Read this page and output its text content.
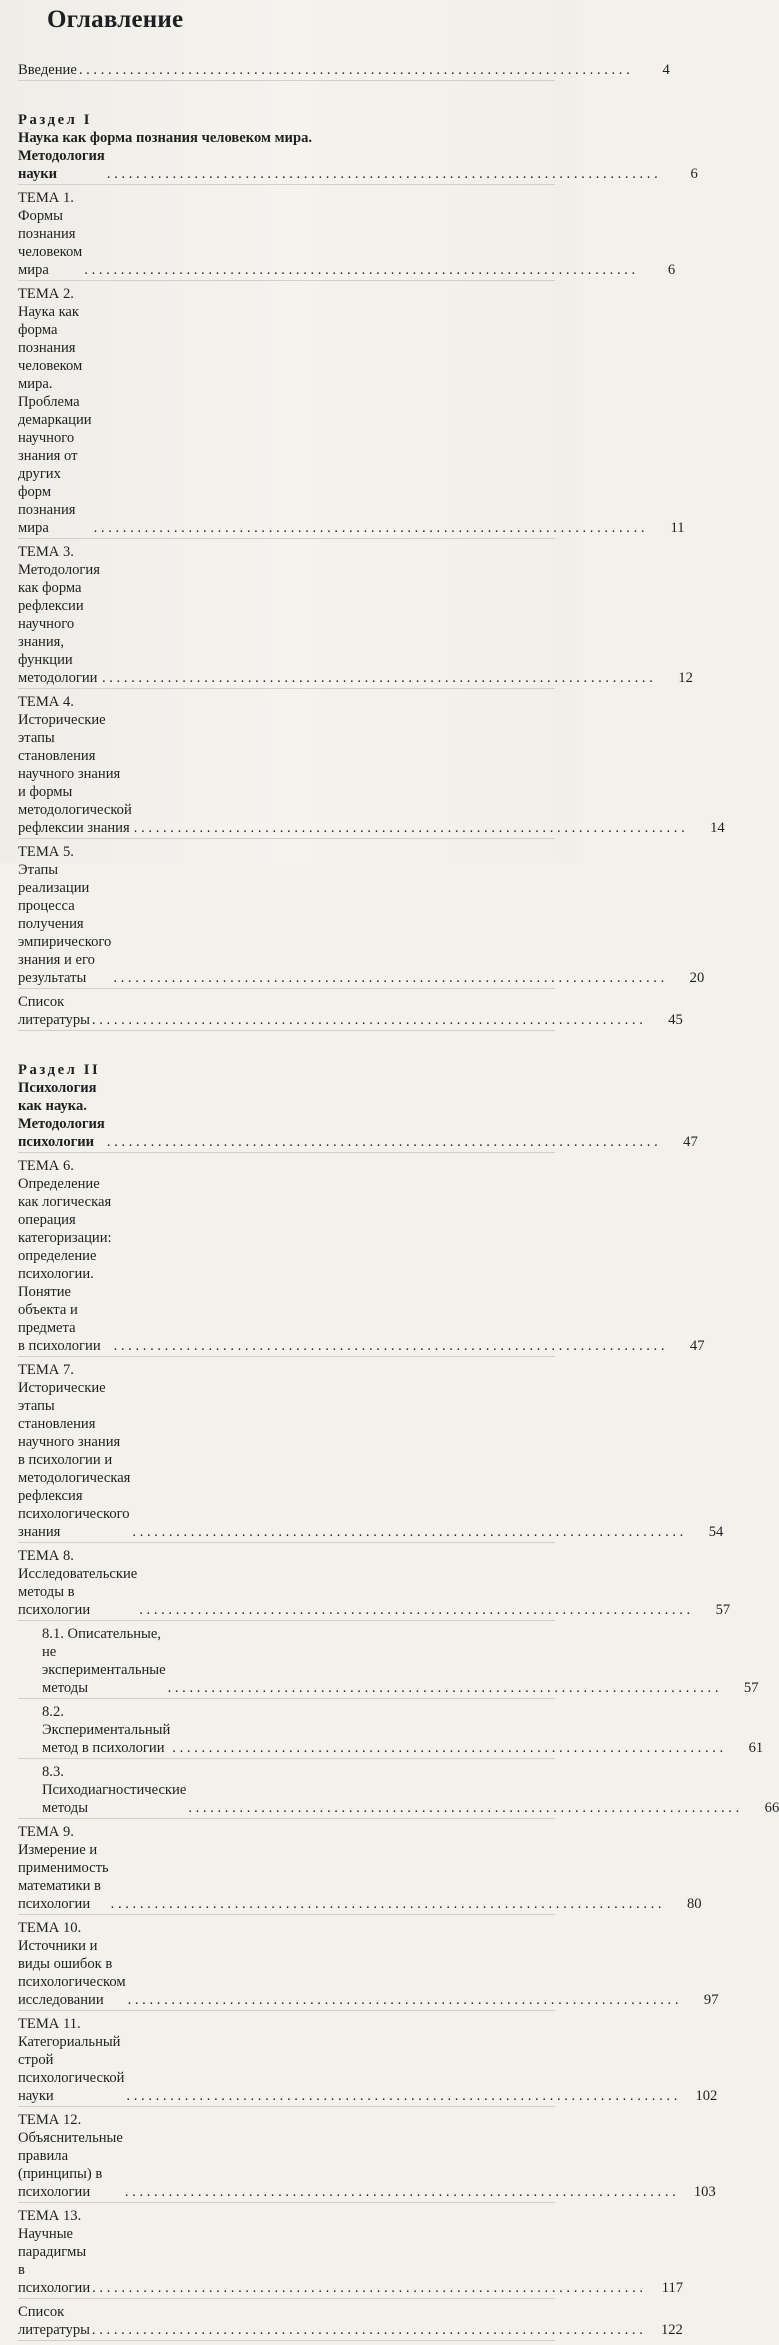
Оглавление
Введение . . .	4
Раздел I
Наука как форма познания человеком мира.
Методология науки . . .	6
ТЕМА 1. Формы познания человеком мира . . .	6
ТЕМА 2. Наука как форма познания человеком мира. Проблема
демаркации научного знания от других форм познания мира . . .	11
ТЕМА 3. Методология как форма рефлексии научного знания,
функции методологии . . .	12
ТЕМА 4. Исторические этапы становления научного знания
и формы методологической рефлексии знания . . .	14
ТЕМА 5. Этапы реализации процесса получения эмпирического
знания и его результаты . . .	20
Список литературы . . .	45
Раздел II
Психология как наука. Методология психологии . . .	47
ТЕМА 6. Определение как логическая операция категоризации:
определение психологии. Понятие объекта и предмета
в психологии . . .	47
ТЕМА 7. Исторические этапы становления научного знания
в психологии и методологическая рефлексия психологического
знания . . .	54
ТЕМА 8. Исследовательские методы в психологии . . .	57
8.1. Описательные, не экспериментальные методы . . .	57
8.2. Экспериментальный метод в психологии . . .	61
8.3. Психодиагностические методы . . .	66
ТЕМА 9. Измерение и применимость математики в психологии . . .	80
ТЕМА 10. Источники и виды ошибок в психологическом
исследовании . . .	97
ТЕМА 11. Категориальный строй психологической науки . . .	102
ТЕМА 12. Объяснительные правила (принципы) в психологии . . .	103
ТЕМА 13. Научные парадигмы в психологии . . .	117
Список литературы . . .	122
